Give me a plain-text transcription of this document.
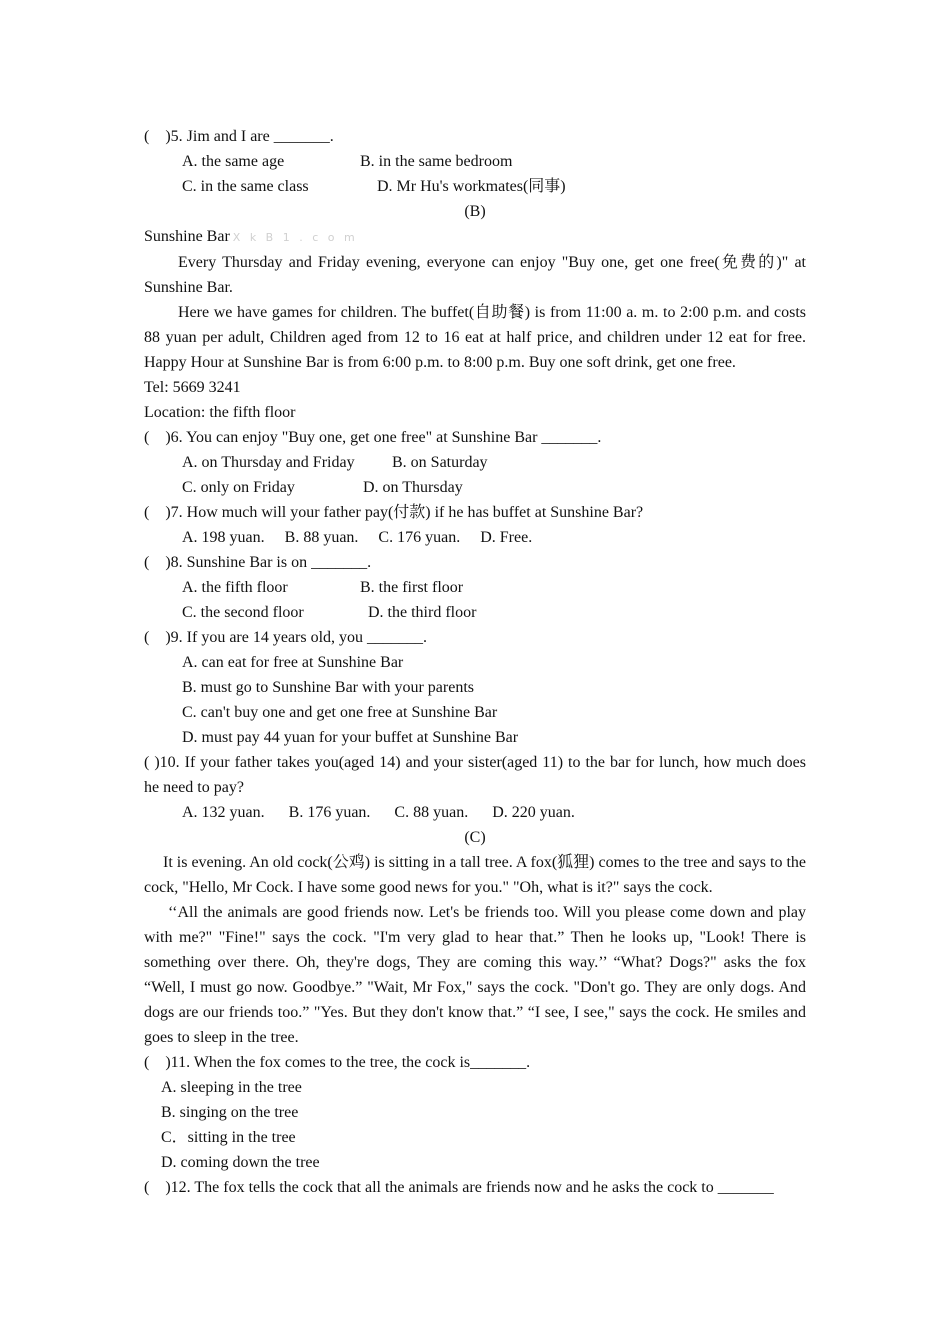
(    )5. Jim and I are _______.
A. the same age	B. in the same bedroom
C. in the same class	D. Mr Hu's workmates(同事)
(B)
Sunshine Bar X k B 1 . c o m
Every Thursday and Friday evening, everyone can enjoy "Buy one, get one free(免费的)" at Sunshine Bar.
Here we have games for children. The buffet(自助餐) is from 11:00 a. m. to 2:00 p.m. and costs 88 yuan per adult, Children aged from 12 to 16 eat at half price, and children under 12 eat for free. Happy Hour at Sunshine Bar is from 6:00 p.m. to 8:00 p.m. Buy one soft drink, get one free.
Tel: 5669 3241
Location: the fifth floor
(    )6. You can enjoy "Buy one, get one free" at Sunshine Bar _______.
A. on Thursday and Friday B. on Saturday
C. only on Friday	D. on Thursday
(    )7. How much will your father pay(付款) if he has buffet at Sunshine Bar?
A. 198 yuan.     B. 88 yuan.     C. 176 yuan.     D. Free.
(    )8. Sunshine Bar is on _______.
A. the fifth floor	B. the first floor
C. the second floor	D. the third floor
(    )9. If you are 14 years old, you _______.
A. can eat for free at Sunshine Bar
B. must go to Sunshine Bar with your parents
C. can't buy one and get one free at Sunshine Bar
D. must pay 44 yuan for your buffet at Sunshine Bar
( )10. If your father takes you(aged 14) and your sister(aged 11) to the bar for lunch, how much does he need to pay?
A. 132 yuan.      B. 176 yuan.      C. 88 yuan.      D. 220 yuan.
(C)
It is evening. An old cock(公鸡) is sitting in a tall tree. A fox(狐狸) comes to the tree and says to the cock, "Hello, Mr Cock. I have some good news for you." "Oh, what is it?" says the cock.
‘‘All the animals are good friends now. Let's be friends too. Will you please come down and play with me?" "Fine!" says the cock. "I'm very glad to hear that.” Then he looks up, "Look! There is something over there. Oh, they're dogs, They are coming this way.’’ “What? Dogs?" asks the fox “Well, I must go now. Goodbye.” "Wait, Mr Fox," says the cock. "Don't go. They are only dogs. And dogs are our friends too.” "Yes. But they don't know that.” “I see, I see," says the cock. He smiles and goes to sleep in the tree.
(    )11. When the fox comes to the tree, the cock is_______.
A. sleeping in the tree
B. singing on the tree
C．sitting in the tree
D. coming down the tree
(    )12. The fox tells the cock that all the animals are friends now and he asks the cock to _______
